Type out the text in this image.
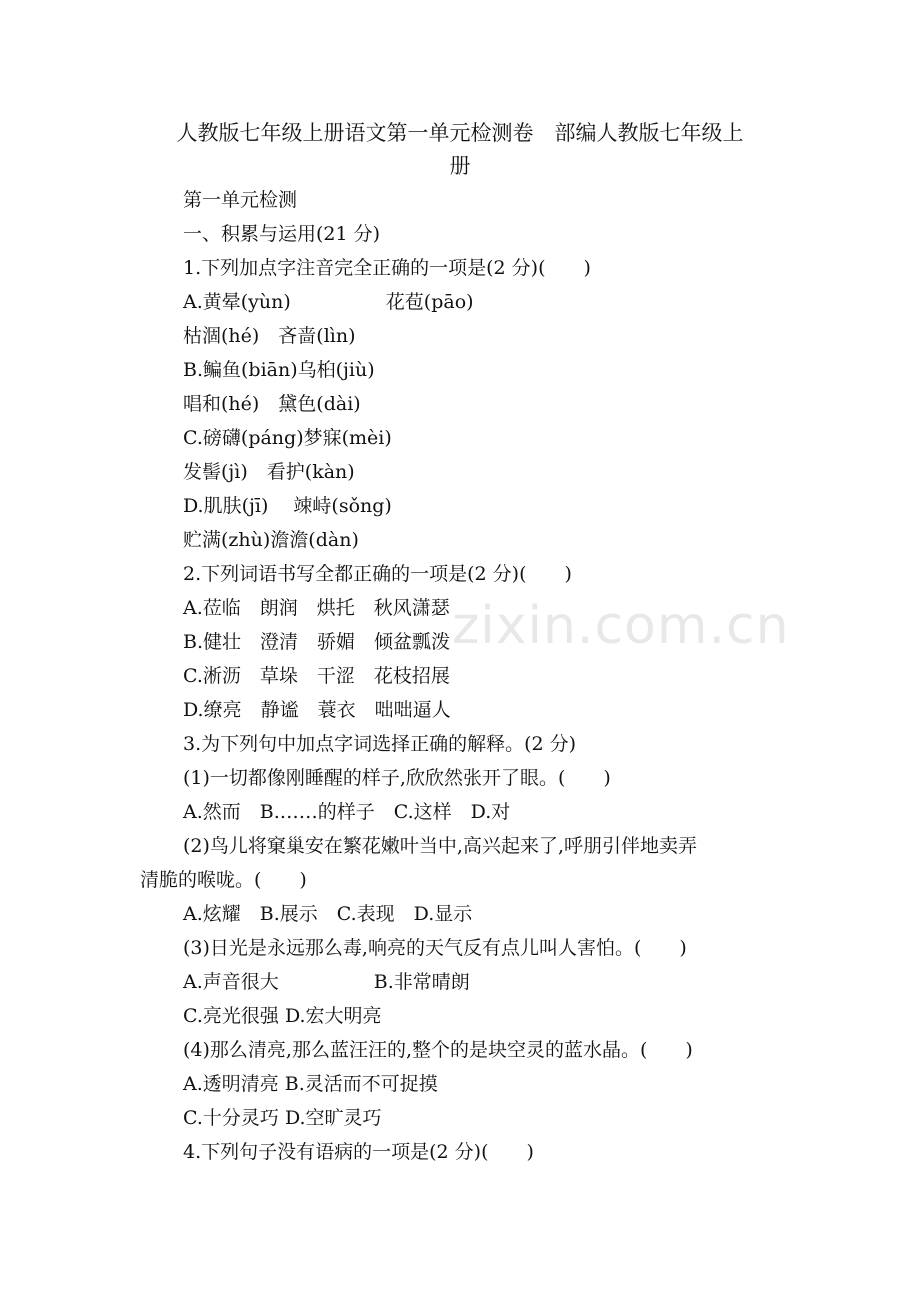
zixin.com.cn
人教版七年级上册语文第一单元检测卷　部编人教版七年级上
册
第一单元检测
一、积累与运用(21 分)
1.下列加点字注音完全正确的一项是(2 分)(　　)
A.黄晕(yùn)　　　　　花苞(pāo)
枯涸(hé)　吝啬(lìn)
B.鳊鱼(biān)乌桕(jiù)
唱和(hé)　黛色(dài)
C.磅礴(páng)梦寐(mèi)
发髻(jì)　看护(kàn)
D.肌肤(jī)　 竦峙(sǒng)
贮满(zhù)澹澹(dàn)
2.下列词语书写全都正确的一项是(2 分)(　　)
A.莅临　朗润　烘托　秋风潇瑟
B.健壮　澄清　骄媚　倾盆瓢泼
C.淅沥　草垛　干涩　花枝招展
D.缭亮　静谧　蓑衣　咄咄逼人
3.为下列句中加点字词选择正确的解释。(2 分)
(1)一切都像刚睡醒的样子,欣欣然张开了眼。(　　)
A.然而　B.……的样子　C.这样　D.对
(2)鸟儿将窠巢安在繁花嫩叶当中,高兴起来了,呼朋引伴地卖弄
清脆的喉咙。(　　)
A.炫耀　B.展示　C.表现　D.显示
(3)日光是永远那么毒,响亮的天气反有点儿叫人害怕。(　　)
A.声音很大　　　　　B.非常晴朗
C.亮光很强 D.宏大明亮
(4)那么清亮,那么蓝汪汪的,整个的是块空灵的蓝水晶。(　　)
A.透明清亮 B.灵活而不可捉摸
C.十分灵巧 D.空旷灵巧
4.下列句子没有语病的一项是(2 分)(　　)
